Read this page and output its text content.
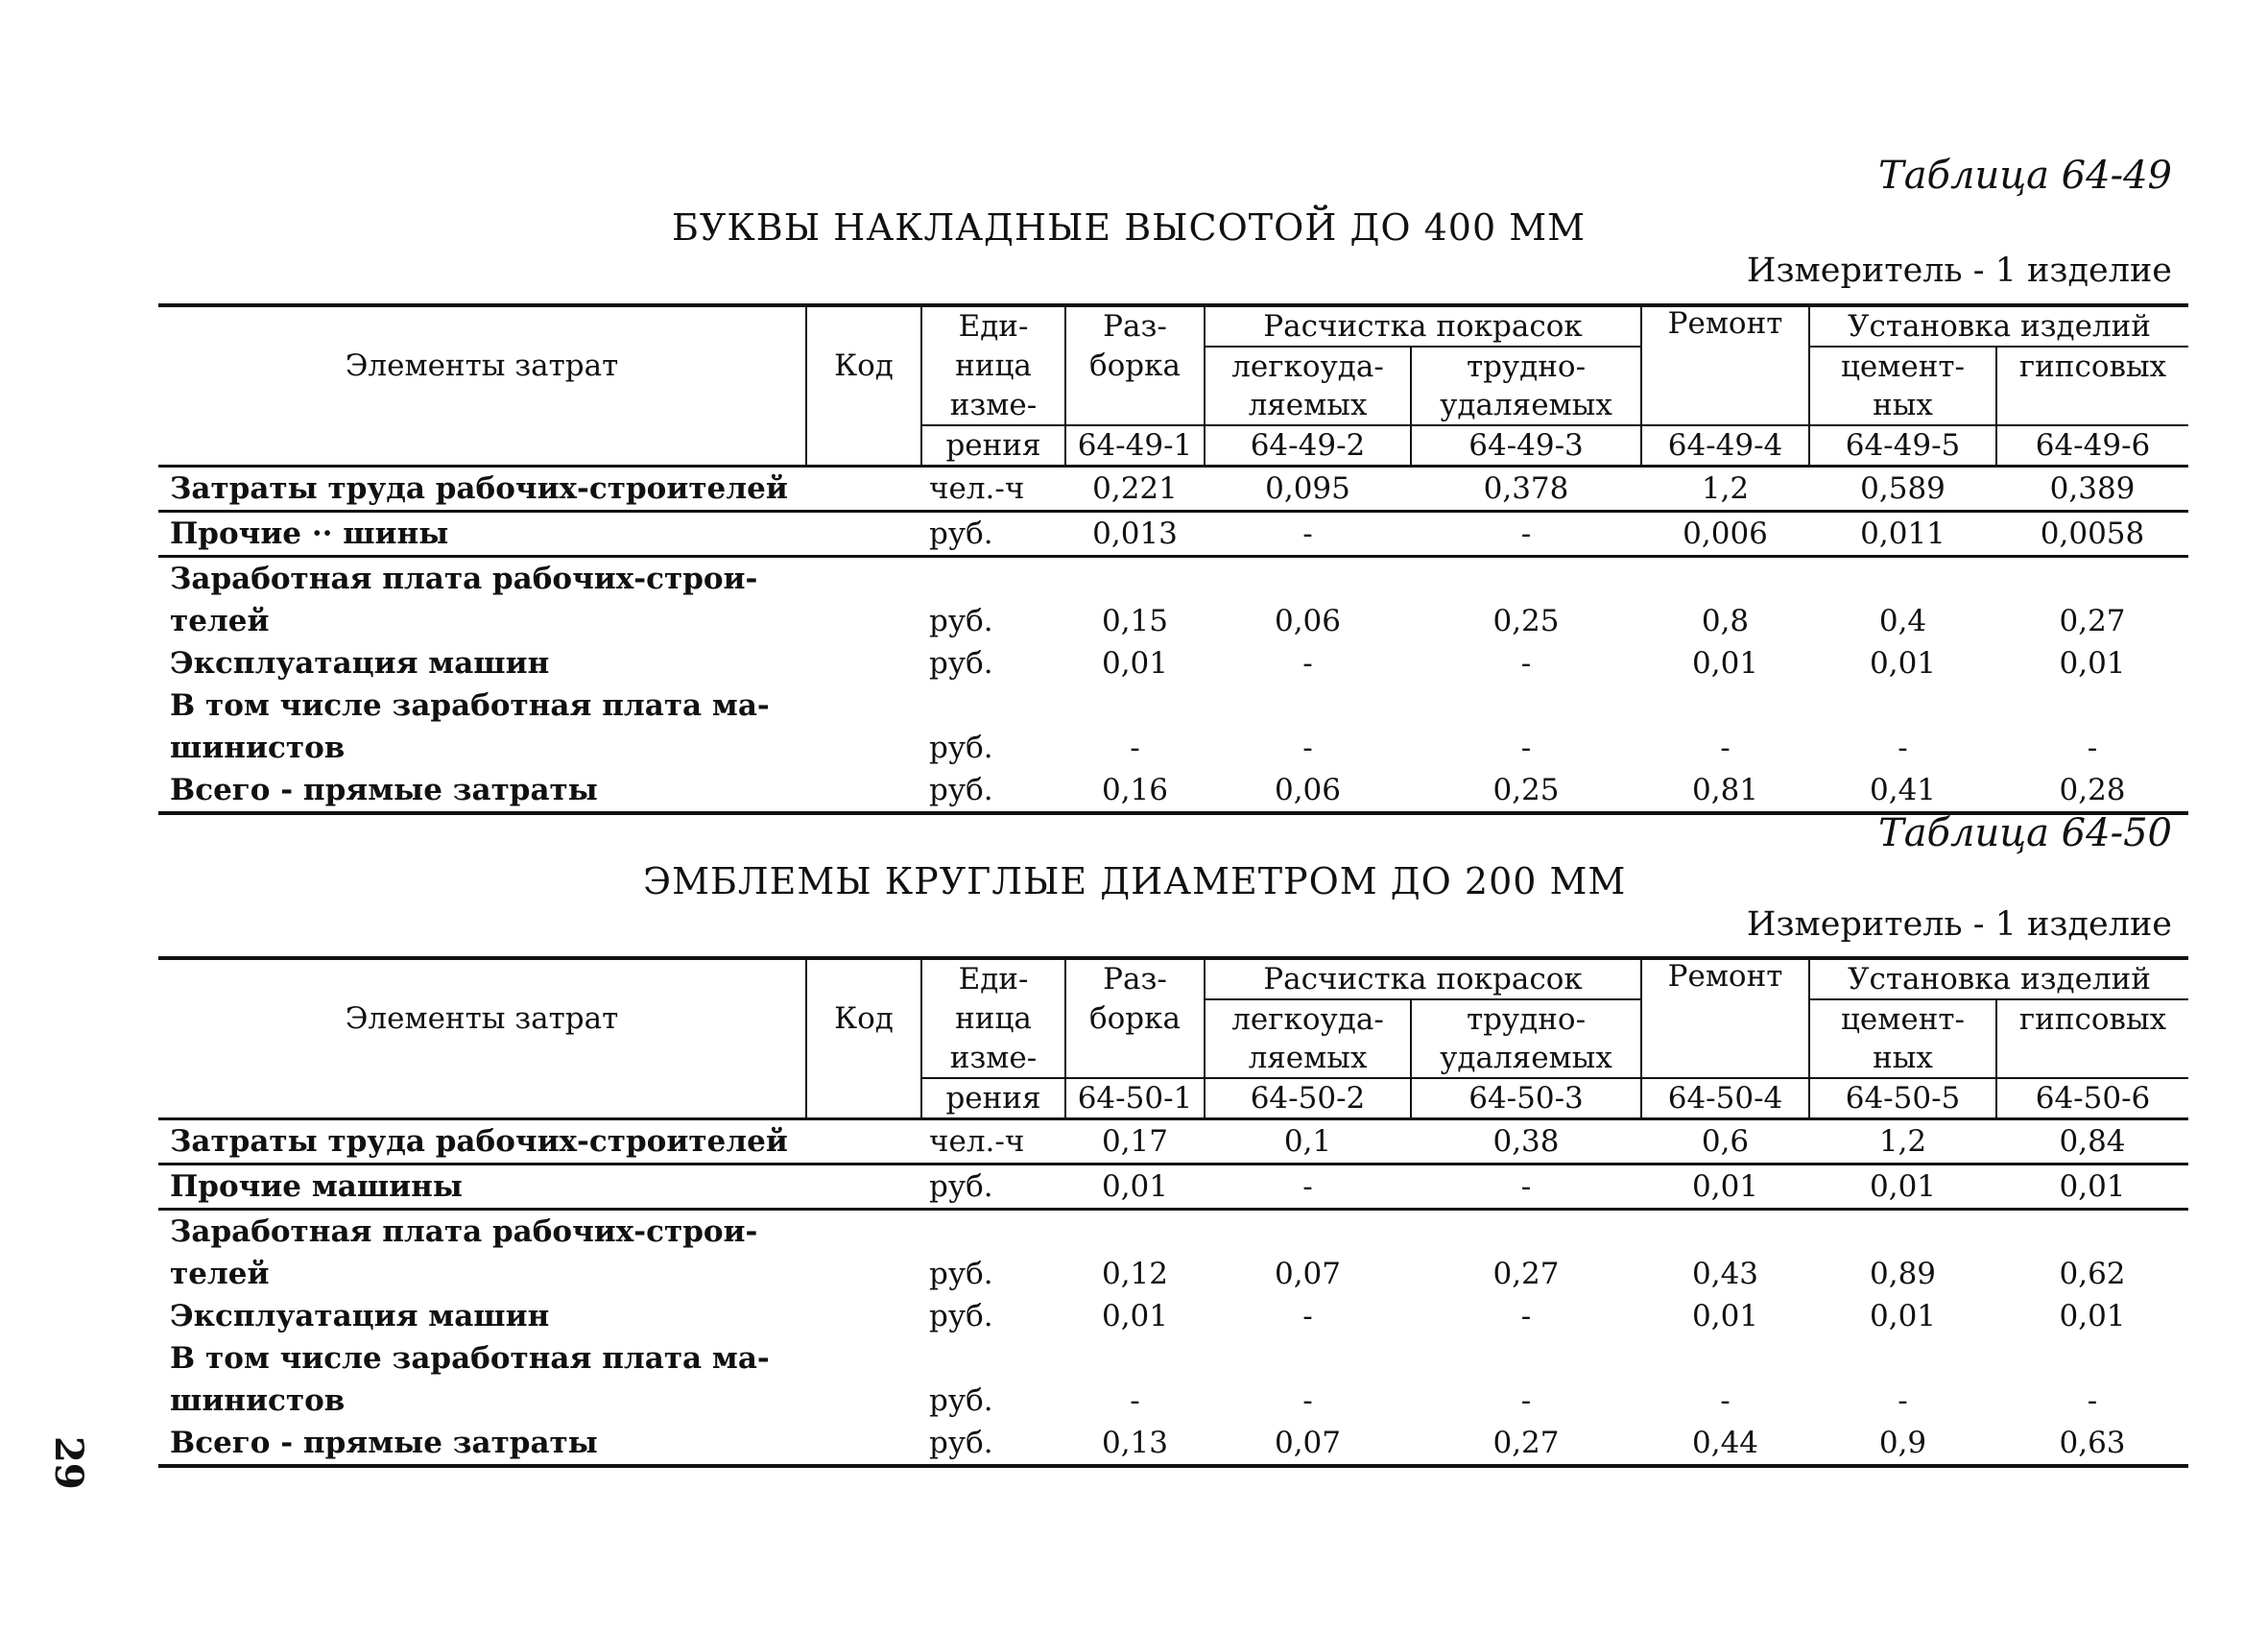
29
Таблица 64-49
БУКВЫ НАКЛАДНЫЕ ВЫСОТОЙ ДО 400 ММ
Измеритель - 1 изделие
Элементы затрат	Код	Еди-	Раз-	Расчистка покрасок		Ремонт	Установка изделий	
		ница	борка	легкоуда-	трудно-		цемент-	гипсовых
		изме-		ляемых	удаляемых		ных	
		рения	64-49-1	64-49-2	64-49-3	64-49-4	64-49-5	64-49-6
Затраты труда рабочих-строителей		чел.-ч	0,221	0,095	0,378	1,2	0,589	0,389
Прочие ·· шины		руб.	0,013	-	-	0,006	0,011	0,0058
Заработная плата рабочих-строи-								
телей		руб.	0,15	0,06	0,25	0,8	0,4	0,27
Эксплуатация машин		руб.	0,01	-	-	0,01	0,01	0,01
В том числе заработная плата ма-								
шинистов		руб.	-	-	-	-	-	-
Всего - прямые затраты		руб.	0,16	0,06	0,25	0,81	0,41	0,28
Таблица 64-50
ЭМБЛЕМЫ КРУГЛЫЕ ДИАМЕТРОМ ДО 200 ММ
Измеритель - 1 изделие
Элементы затрат	Код	Еди-	Раз-	Расчистка покрасок		Ремонт	Установка изделий	
		ница	борка	легкоуда-	трудно-		цемент-	гипсовых
		изме-		ляемых	удаляемых		ных	
		рения	64-50-1	64-50-2	64-50-3	64-50-4	64-50-5	64-50-6
Затраты труда рабочих-строителей		чел.-ч	0,17	0,1	0,38	0,6	1,2	0,84
Прочие машины		руб.	0,01	-	-	0,01	0,01	0,01
Заработная плата рабочих-строи-								
телей		руб.	0,12	0,07	0,27	0,43	0,89	0,62
Эксплуатация машин		руб.	0,01	-	-	0,01	0,01	0,01
В том числе заработная плата ма-								
шинистов		руб.	-	-	-	-	-	-
Всего - прямые затраты		руб.	0,13	0,07	0,27	0,44	0,9	0,63
